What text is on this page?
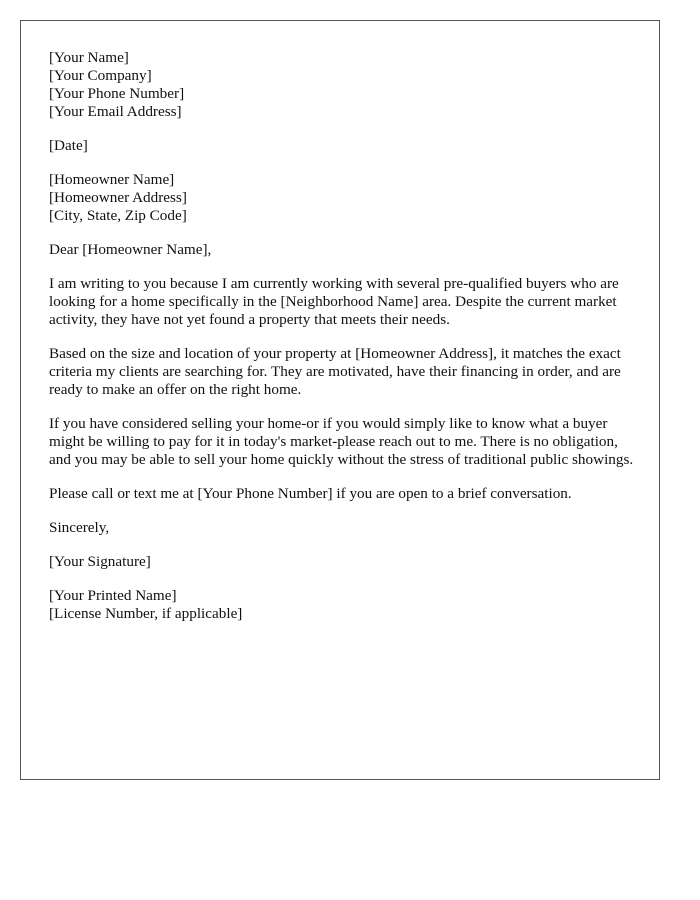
[Your Name]
[Your Company]
[Your Phone Number]
[Your Email Address]
[Date]
[Homeowner Name]
[Homeowner Address]
[City, State, Zip Code]

Dear [Homeowner Name],

I am writing to you because I am currently working with several pre-qualified buyers who are looking for a home specifically in the [Neighborhood Name] area. Despite the current market activity, they have not yet found a property that meets their needs.

Based on the size and location of your property at [Homeowner Address], it matches the exact criteria my clients are searching for. They are motivated, have their financing in order, and are ready to make an offer on the right home.

If you have considered selling your home-or if you would simply like to know what a buyer might be willing to pay for it in today's market-please reach out to me. There is no obligation, and you may be able to sell your home quickly without the stress of traditional public showings.

Please call or text me at [Your Phone Number] if you are open to a brief conversation.

Sincerely,

[Your Signature]

[Your Printed Name]
[License Number, if applicable]
